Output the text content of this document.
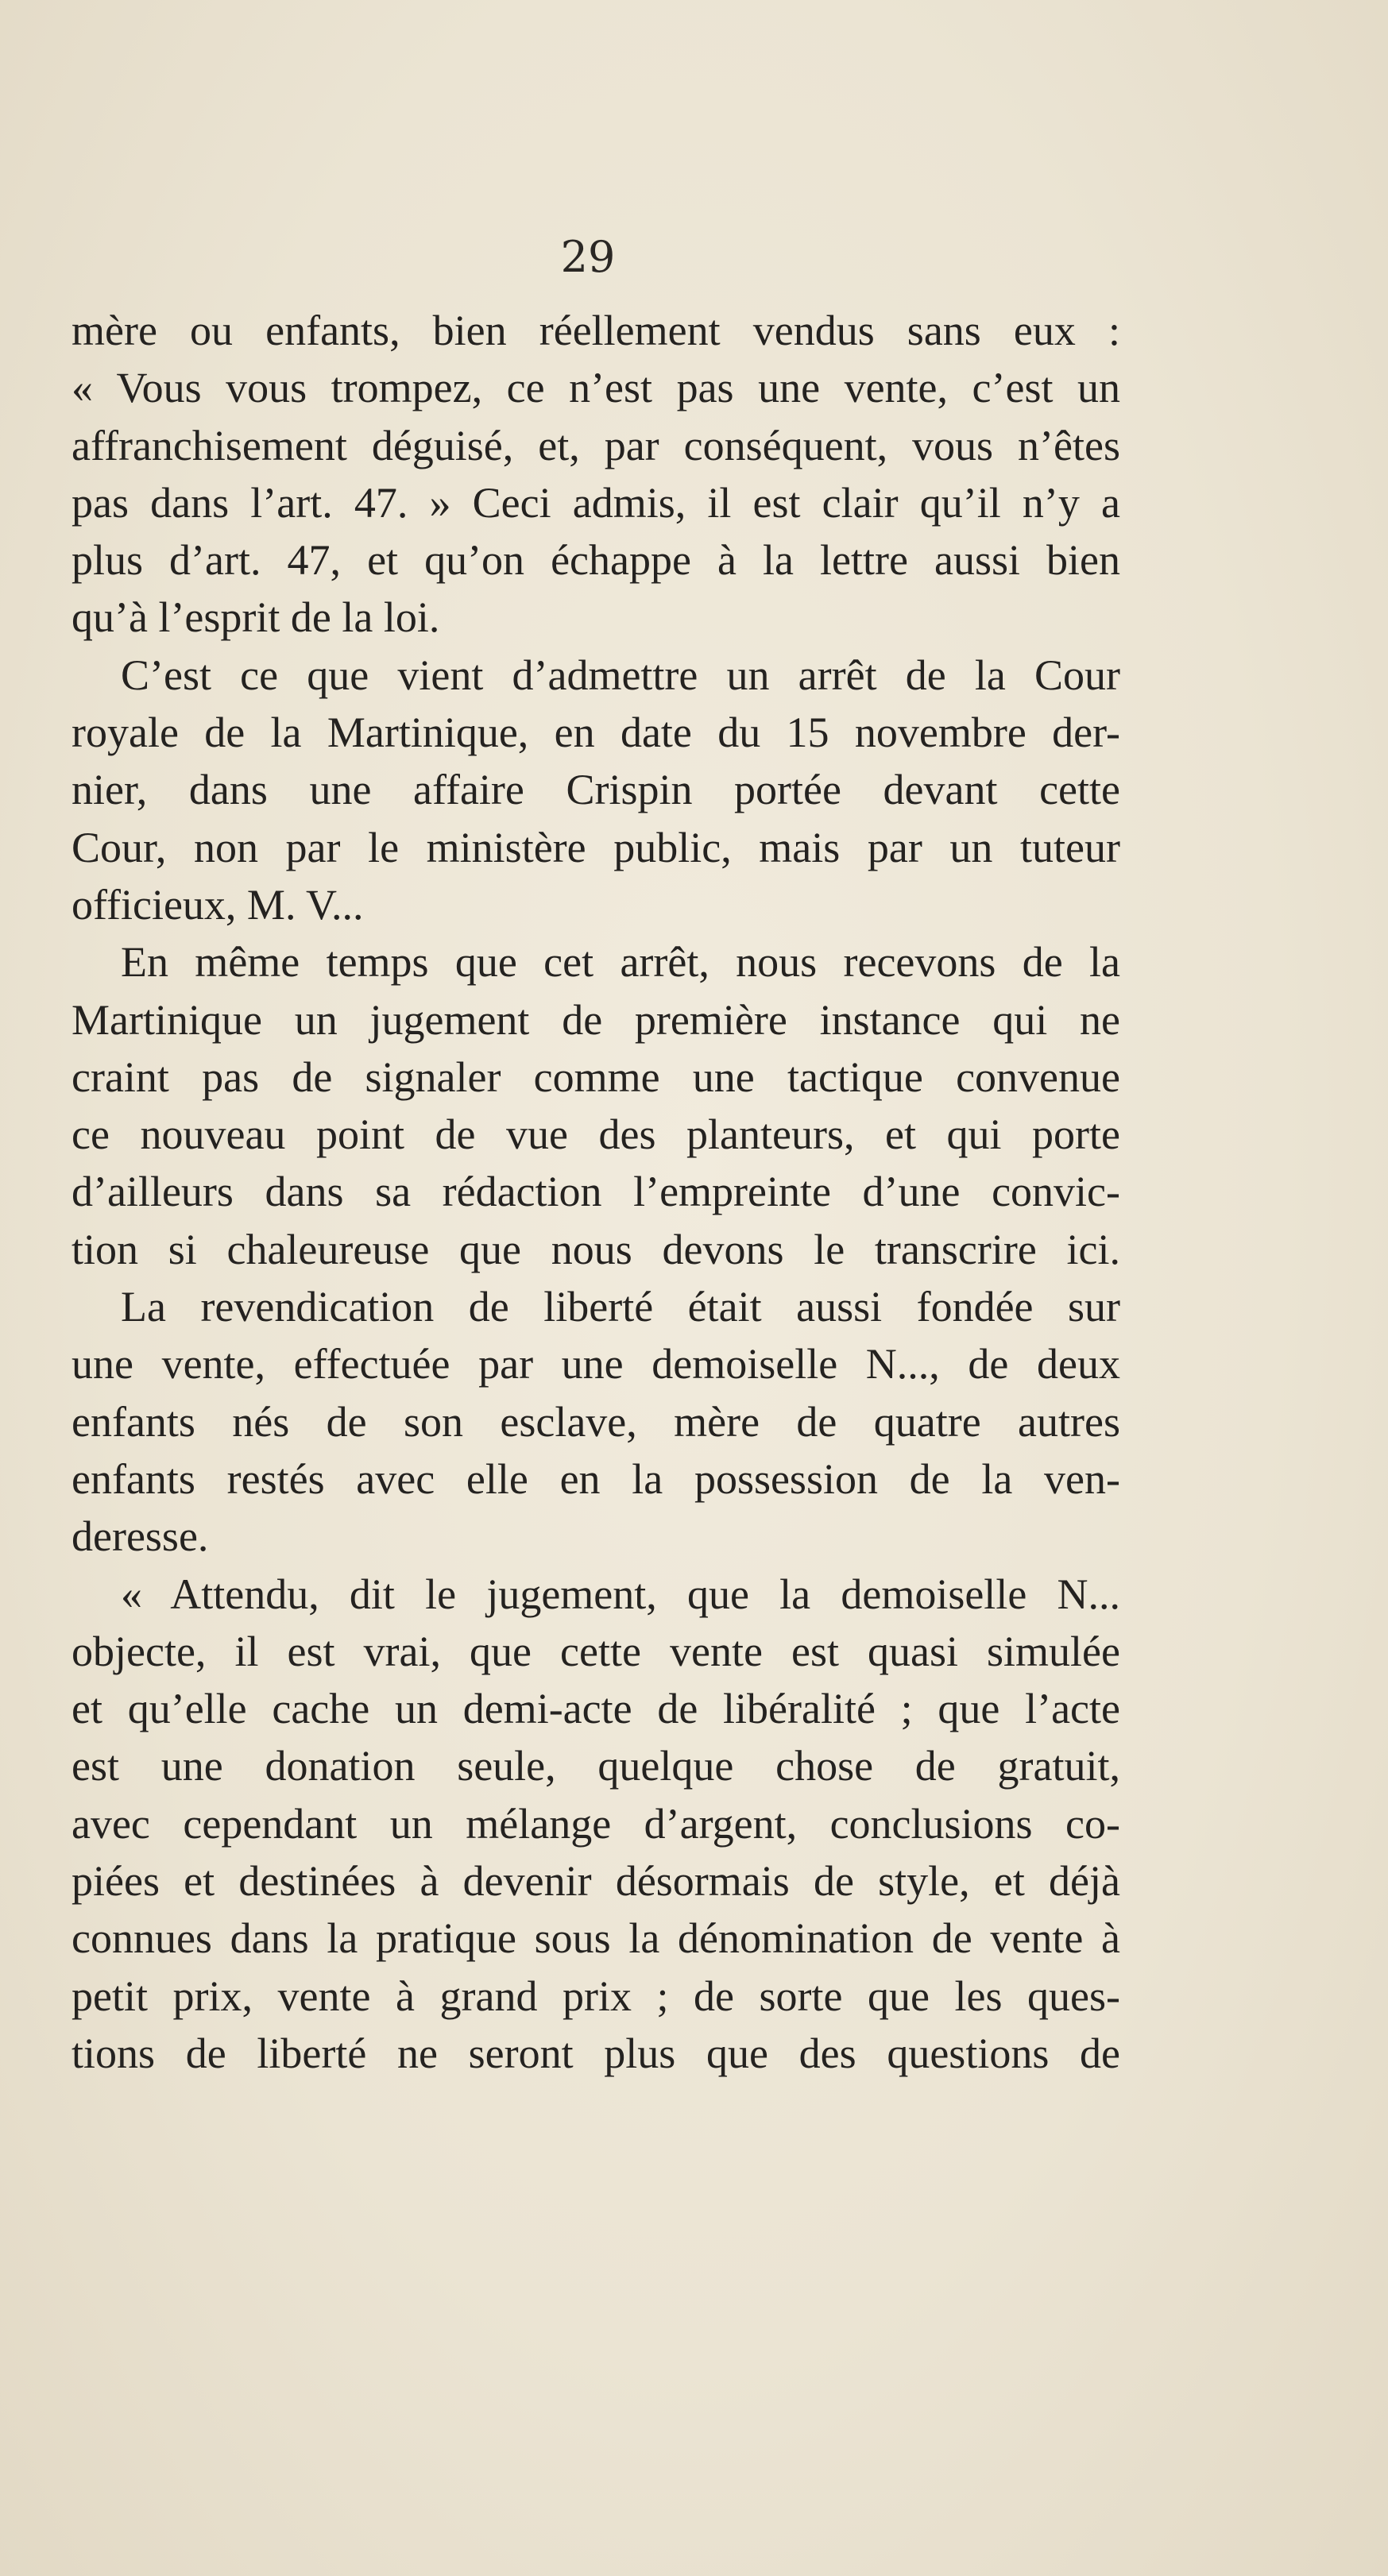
29
mère ou enfants, bien réellement vendus sans eux :
« Vous vous trompez, ce n’est pas une vente, c’est un
affranchisement déguisé, et, par conséquent, vous n’êtes
pas dans l’art. 47. » Ceci admis, il est clair qu’il n’y a
plus d’art. 47, et qu’on échappe à la lettre aussi bien
qu’à l’esprit de la loi.
C’est ce que vient d’admettre un arrêt de la Cour
royale de la Martinique, en date du 15 novembre der-
nier, dans une affaire Crispin portée devant cette
Cour, non par le ministère public, mais par un tuteur
officieux, M. V...
En même temps que cet arrêt, nous recevons de la
Martinique un jugement de première instance qui ne
craint pas de signaler comme une tactique convenue
ce nouveau point de vue des planteurs, et qui porte
d’ailleurs dans sa rédaction l’empreinte d’une convic-
tion si chaleureuse que nous devons le transcrire ici.
La revendication de liberté était aussi fondée sur
une vente, effectuée par une demoiselle N..., de deux
enfants nés de son esclave, mère de quatre autres
enfants restés avec elle en la possession de la ven-
deresse.
« Attendu, dit le jugement, que la demoiselle N...
objecte, il est vrai, que cette vente est quasi simulée
et qu’elle cache un demi-acte de libéralité ; que l’acte
est une donation seule, quelque chose de gratuit,
avec cependant un mélange d’argent, conclusions co-
piées et destinées à devenir désormais de style, et déjà
connues dans la pratique sous la dénomination de vente à
petit prix, vente à grand prix ; de sorte que les ques-
tions de liberté ne seront plus que des questions de
